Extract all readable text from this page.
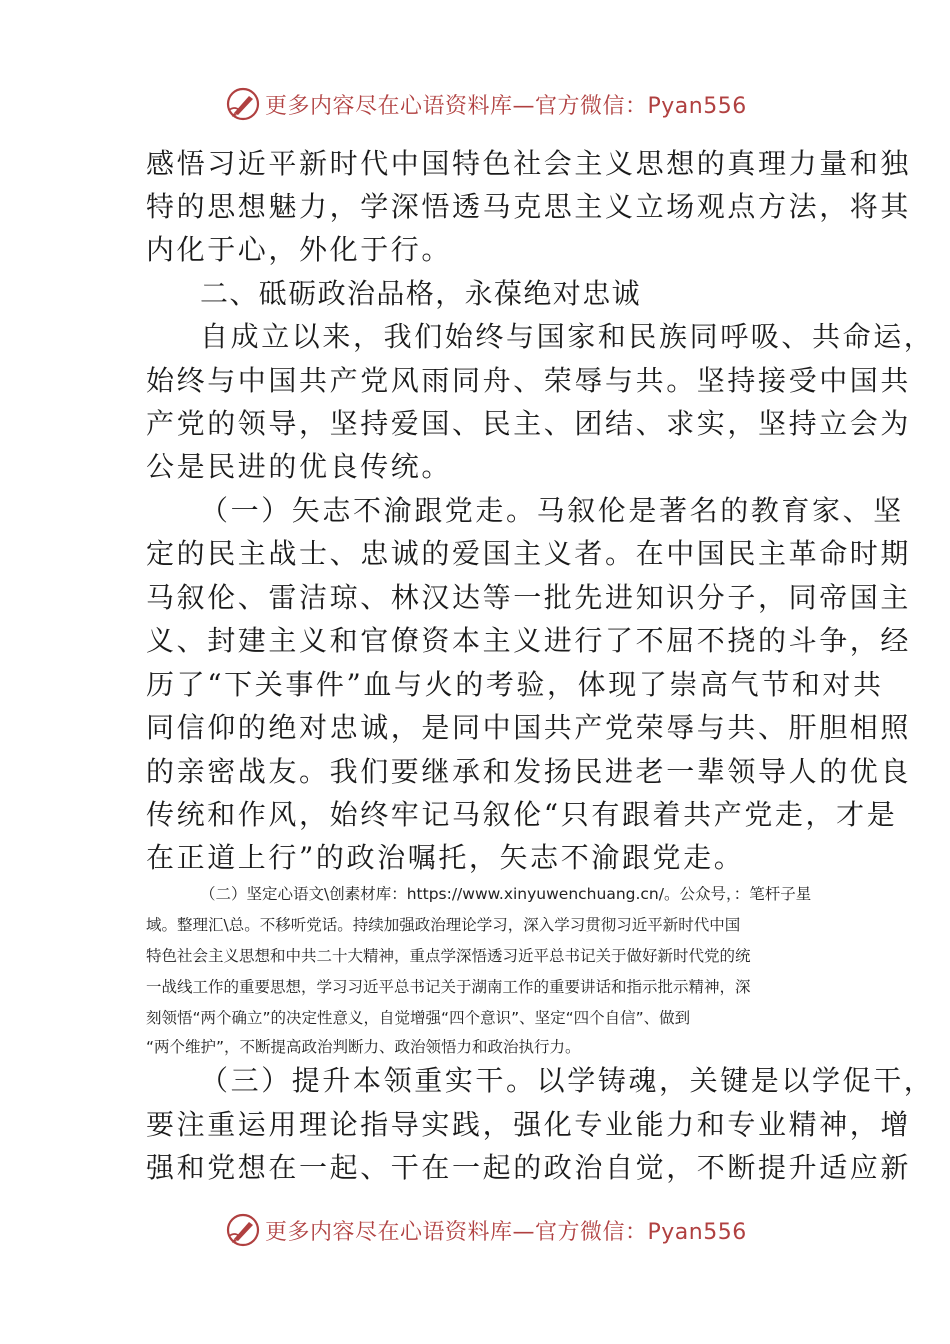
更多内容尽在心语资料库—官方微信：Pyan556
感悟习近平新时代中国特色社会主义思想的真理力量和独
特的思想魅力，学深悟透马克思主义立场观点方法，将其
内化于心，外化于行。
二、砥砺政治品格，永葆绝对忠诚
自成立以来，我们始终与国家和民族同呼吸、共命运，
始终与中国共产党风雨同舟、荣辱与共。坚持接受中国共
产党的领导，坚持爱国、民主、团结、求实，坚持立会为
公是民进的优良传统。
（一）矢志不渝跟党走。马叙伦是著名的教育家、坚
定的民主战士、忠诚的爱国主义者。在中国民主革命时期
马叙伦、雷洁琼、林汉达等一批先进知识分子，同帝国主
义、封建主义和官僚资本主义进行了不屈不挠的斗争，经
历了“下关事件”血与火的考验，体现了崇高气节和对共
同信仰的绝对忠诚，是同中国共产党荣辱与共、肝胆相照
的亲密战友。我们要继承和发扬民进老一辈领导人的优良
传统和作风，始终牢记马叙伦“只有跟着共产党走，才是
在正道上行”的政治嘱托，矢志不渝跟党走。
（二）坚定心语文\创素材库：https://www.xinyuwenchuang.cn/。公众号，：笔杆子星
域。整理汇\总。不移听党话。持续加强政治理论学习，深入学习贯彻习近平新时代中国
特色社会主义思想和中共二十大精神，重点学深悟透习近平总书记关于做好新时代党的统
一战线工作的重要思想，学习习近平总书记关于湖南工作的重要讲话和指示批示精神，深
刻领悟“两个确立”的决定性意义，自觉增强“四个意识”、坚定“四个自信”、做到
“两个维护”，不断提高政治判断力、政治领悟力和政治执行力。
（三）提升本领重实干。以学铸魂，关键是以学促干，
要注重运用理论指导实践，强化专业能力和专业精神，增
强和党想在一起、干在一起的政治自觉，不断提升适应新
更多内容尽在心语资料库—官方微信：Pyan556
